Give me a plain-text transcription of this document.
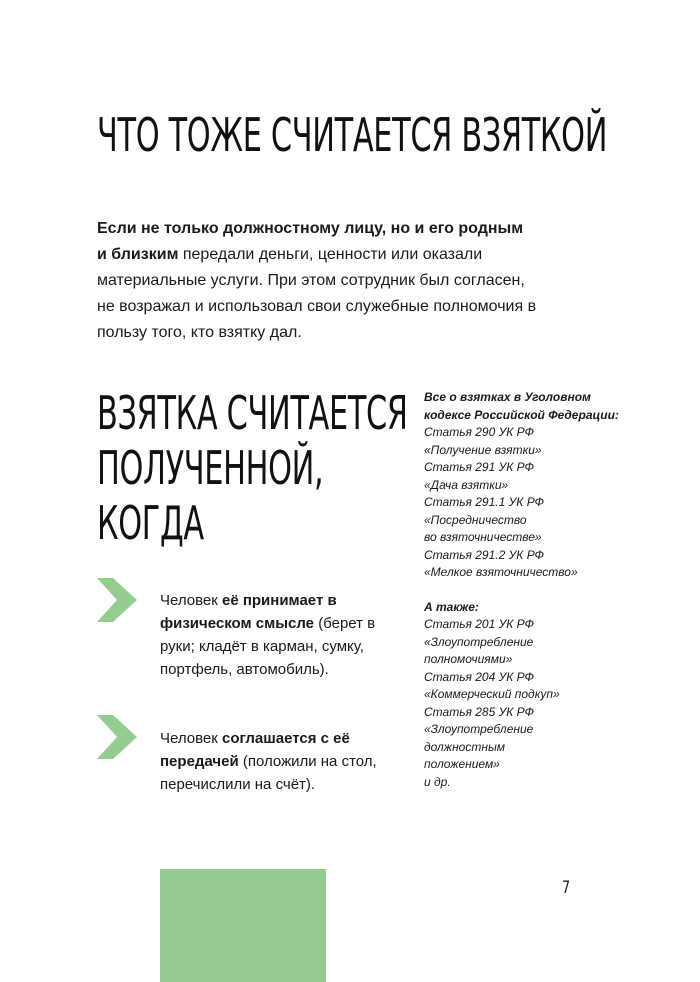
ЧТО ТОЖЕ СЧИТАЕТСЯ ВЗЯТКОЙ

Если не только должностному лицу, но и его родным и близким передали деньги, ценности или оказали материальные услуги. При этом сотрудник был согласен, не возражал и использовал свои служебные полномочия в пользу того, кто взятку дал.

ВЗЯТКА СЧИТАЕТСЯ
ПОЛУЧЕННОЙ,
КОГДА
Человек её принимает в физическом смысле (берет в руки; кладёт в карман, сумку, портфель, автомобиль).
Человек соглашается с её передачей (положили на стол, перечислили на счёт).
Все о взятках в Уголовном
кодексе Российской Федерации:
Статья 290 УК РФ
«Получение взятки»
Статья 291 УК РФ
«Дача взятки»
Статья 291.1 УК РФ
«Посредничество
во взяточничестве»
Статья 291.2 УК РФ
«Мелкое взяточничество»
А также:
Статья 201 УК РФ
«Злоупотребление
полномочиями»
Статья 204 УК РФ
«Коммерческий подкуп»
Статья 285 УК РФ
«Злоупотребление
должностным
положением»
и др.
7
